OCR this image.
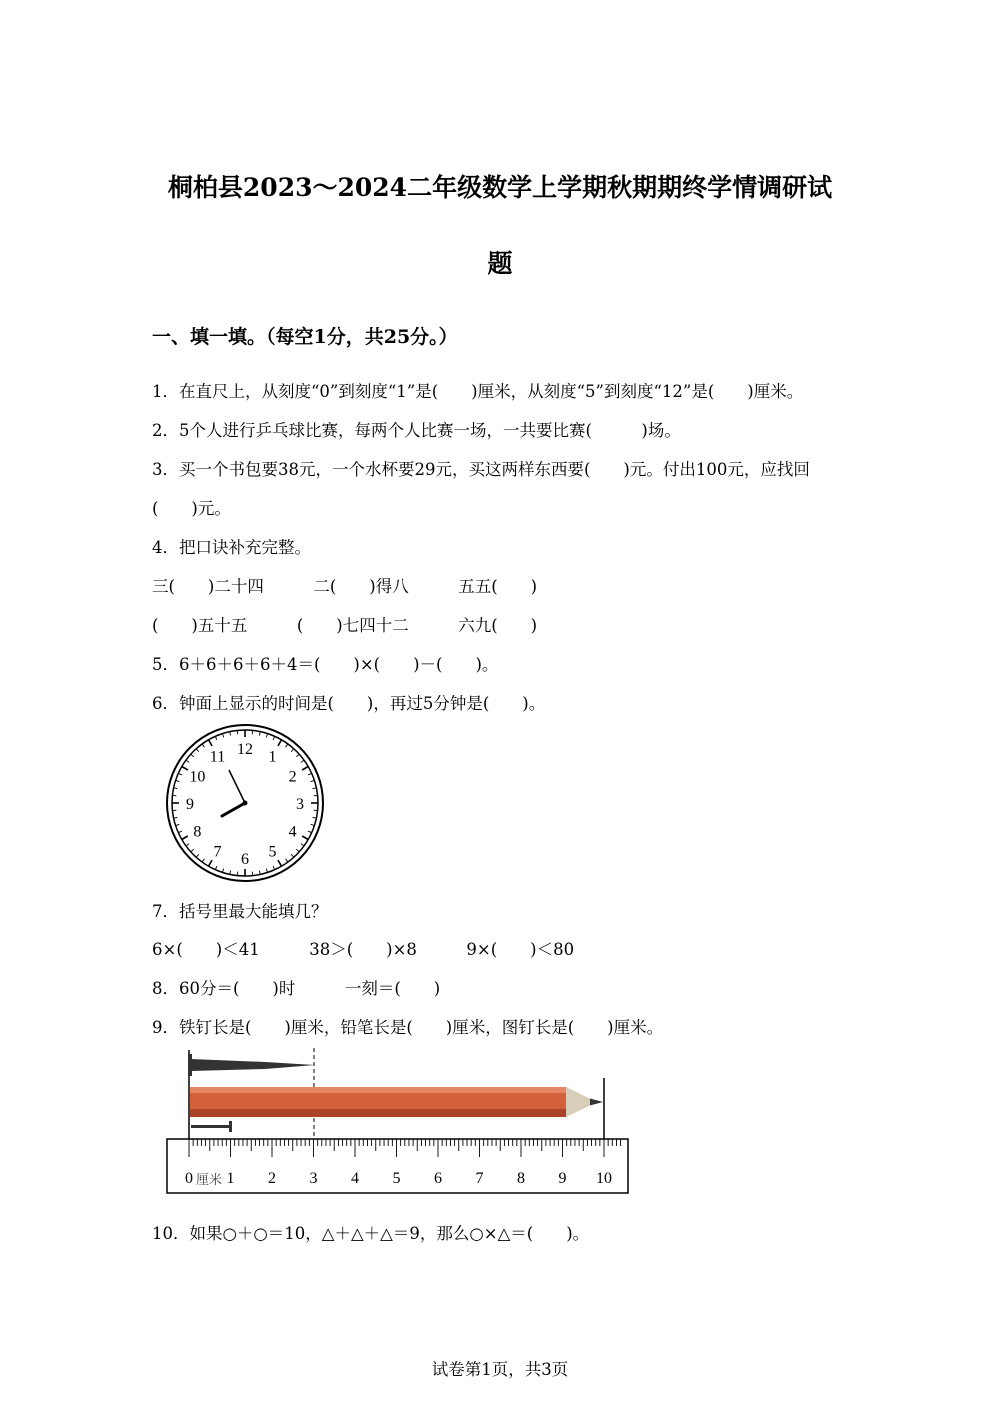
桐柏县2023～2024二年级数学上学期秋期期终学情调研试
题
一、填一填。（每空1分，共25分。）
1．在直尺上，从刻度“0”到刻度“1”是(　　)厘米，从刻度“5”到刻度“12”是(　　)厘米。
2．5个人进行乒乓球比赛，每两个人比赛一场，一共要比赛(　　　)场。
3．买一个书包要38元，一个水杯要29元，买这两样东西要(　　)元。付出100元，应找回
(　　)元。
4．把口诀补充完整。
三(　　)二十四　　　二(　　)得八　　　五五(　　)
(　　)五十五　　　(　　)七四十二　　　六九(　　)
5．6＋6＋6＋6＋4＝(　　)×(　　)－(　　)。
6．钟面上显示的时间是(　　)，再过5分钟是(　　)。
12 1
2
3
4
5
6
7
8
9
10
11
7．括号里最大能填几？
6×(　　)＜41　　　38＞(　　)×8　　　9×(　　)＜80
8．60分＝(　　)时　　　一刻＝(　　)
9．铁钉长是(　　)厘米，铅笔长是(　　)厘米，图钉长是(　　)厘米。
0 1 2 3 4 5 6 7 8 9 10
厘米
10．如果○＋○＝10，△＋△＋△＝9，那么○×△＝(　　)。
试卷第1页，共3页
